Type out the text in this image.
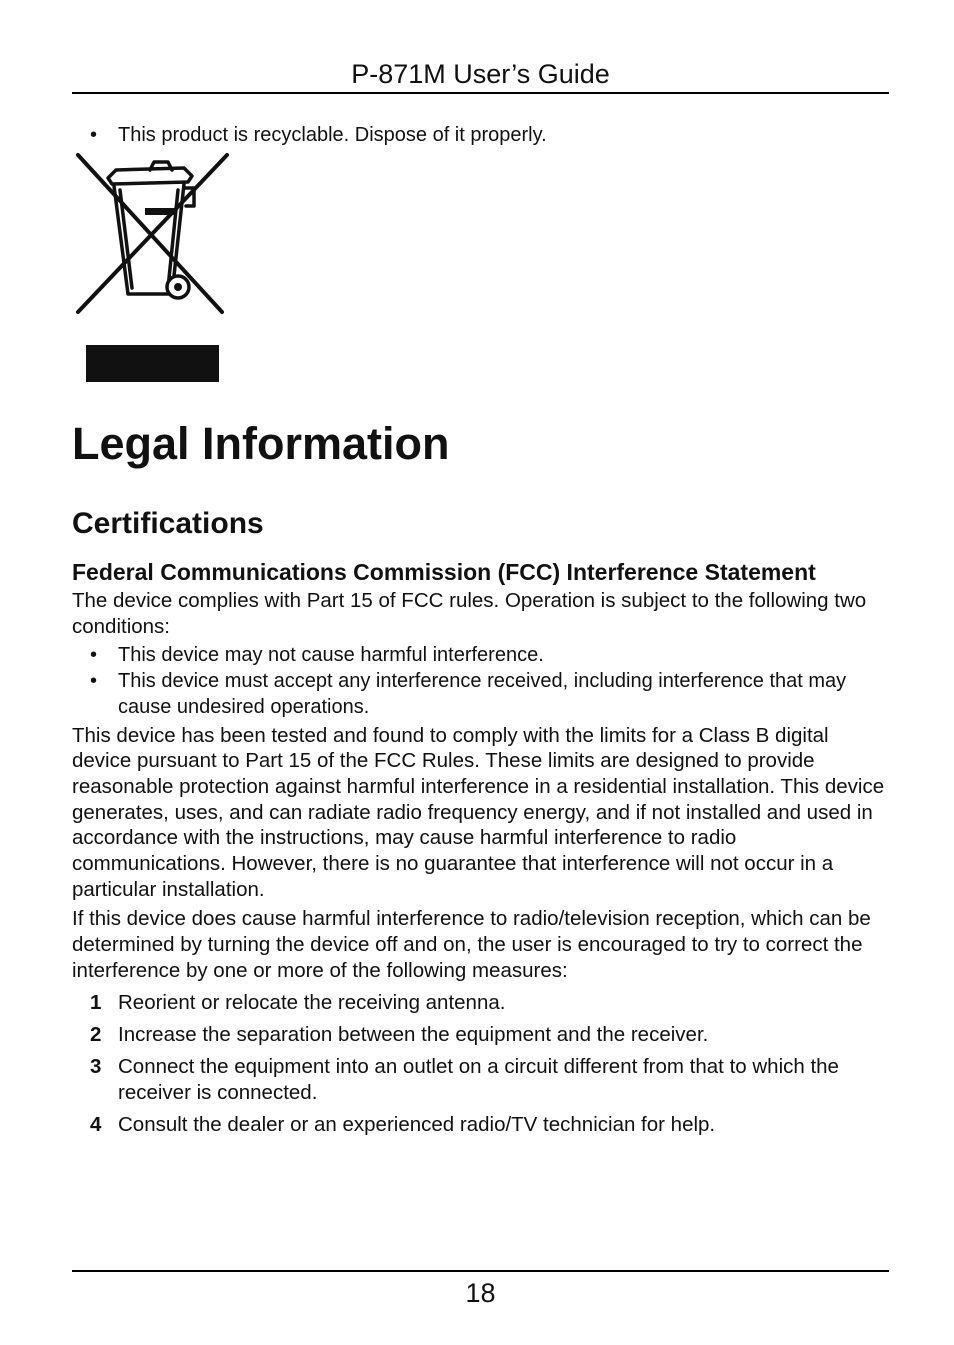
P-871M User’s Guide
• This product is recyclable. Dispose of it properly.
Legal Information
Certifications
Federal Communications Commission (FCC) Interference Statement

The device complies with Part 15 of FCC rules. Operation is subject to the following two conditions:

• This device may not cause harmful interference.
• This device must accept any interference received, including interference that may cause undesired operations.

This device has been tested and found to comply with the limits for a Class B digital device pursuant to Part 15 of the FCC Rules. These limits are designed to provide reasonable protection against harmful interference in a residential installation. This device generates, uses, and can radiate radio frequency energy, and if not installed and used in accordance with the instructions, may cause harmful interference to radio communications. However, there is no guarantee that interference will not occur in a particular installation.

If this device does cause harmful interference to radio/television reception, which can be determined by turning the device off and on, the user is encouraged to try to correct the interference by one or more of the following measures:

1 Reorient or relocate the receiving antenna.
2 Increase the separation between the equipment and the receiver.
3 Connect the equipment into an outlet on a circuit different from that to which the receiver is connected.
4 Consult the dealer or an experienced radio/TV technician for help.
18
